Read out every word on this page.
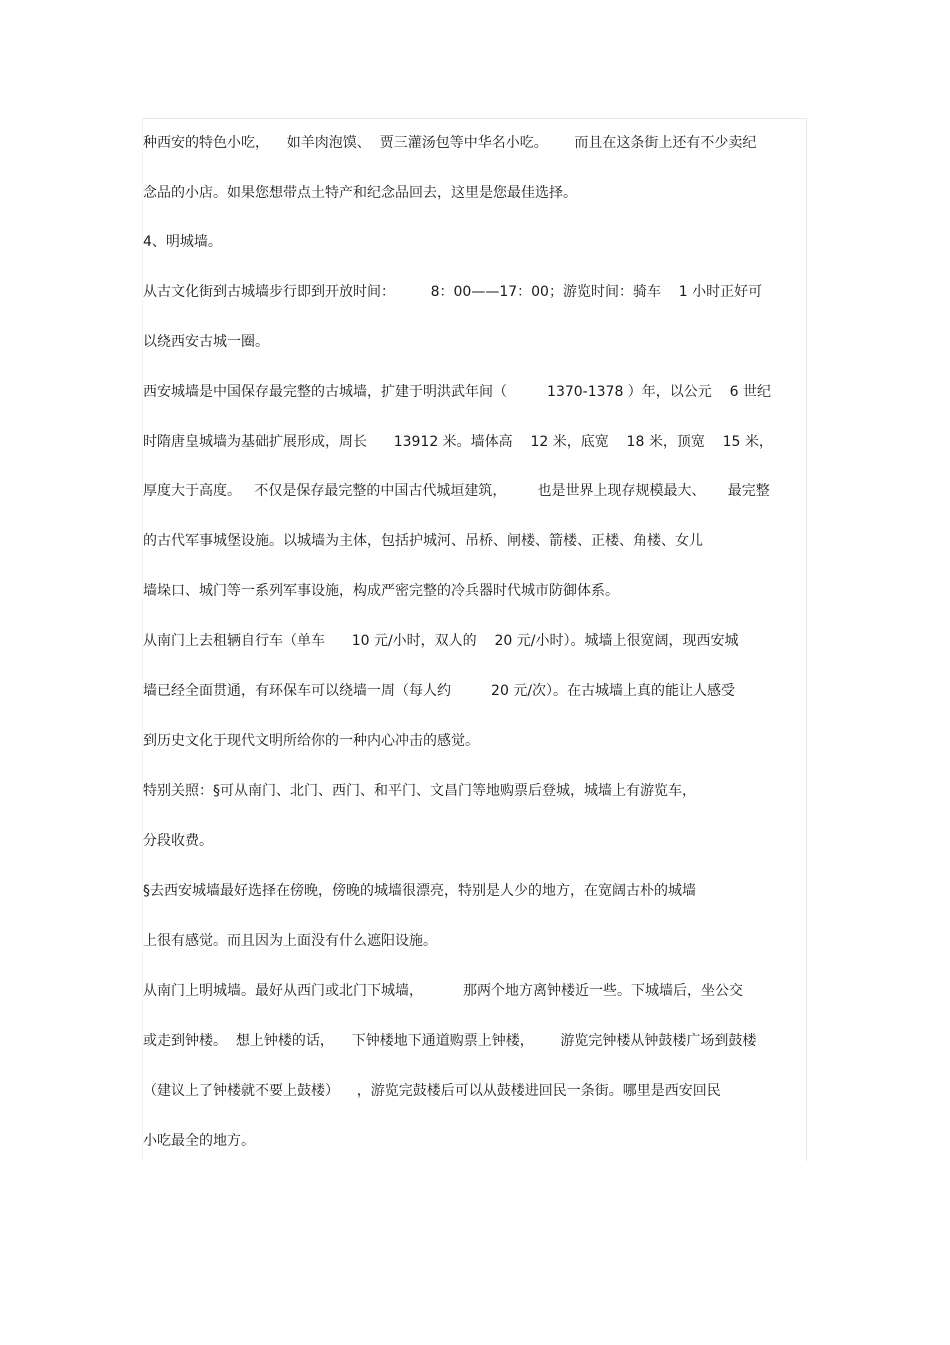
种西安的特色小吃，    如羊肉泡馍、  贾三灌汤包等中华名小吃。      而且在这条街上还有不少卖纪
念品的小店。如果您想带点土特产和纪念品回去，这里是您最佳选择。
4、明城墙。
从古文化街到古城墙步行即到开放时间：        8：00——17：00；游览时间：骑车    1 小时正好可
以绕西安古城一圈。
西安城墙是中国保存最完整的古城墙，扩建于明洪武年间（         1370-1378 ）年，以公元    6 世纪
时隋唐皇城墙为基础扩展形成，周长      13912 米。墙体高    12 米，底宽    18 米，顶宽    15 米，
厚度大于高度。   不仅是保存最完整的中国古代城垣建筑，       也是世界上现存规模最大、     最完整
的古代军事城堡设施。以城墙为主体，包括护城河、吊桥、闸楼、箭楼、正楼、角楼、女儿
墙垛口、城门等一系列军事设施，构成严密完整的冷兵器时代城市防御体系。
从南门上去租辆自行车（单车      10 元/小时，双人的    20 元/小时）。城墙上很宽阔，现西安城
墙已经全面贯通，有环保车可以绕墙一周（每人约         20 元/次）。在古城墙上真的能让人感受
到历史文化于现代文明所给你的一种内心冲击的感觉。
特别关照：§可从南门、北门、西门、和平门、文昌门等地购票后登城，城墙上有游览车，
分段收费。
§去西安城墙最好选择在傍晚，傍晚的城墙很漂亮，特别是人少的地方，在宽阔古朴的城墙
上很有感觉。而且因为上面没有什么遮阳设施。
从南门上明城墙。最好从西门或北门下城墙，         那两个地方离钟楼近一些。下城墙后，坐公交
或走到钟楼。  想上钟楼的话，    下钟楼地下通道购票上钟楼，      游览完钟楼从钟鼓楼广场到鼓楼
（建议上了钟楼就不要上鼓楼）    ，游览完鼓楼后可以从鼓楼进回民一条街。哪里是西安回民
小吃最全的地方。
